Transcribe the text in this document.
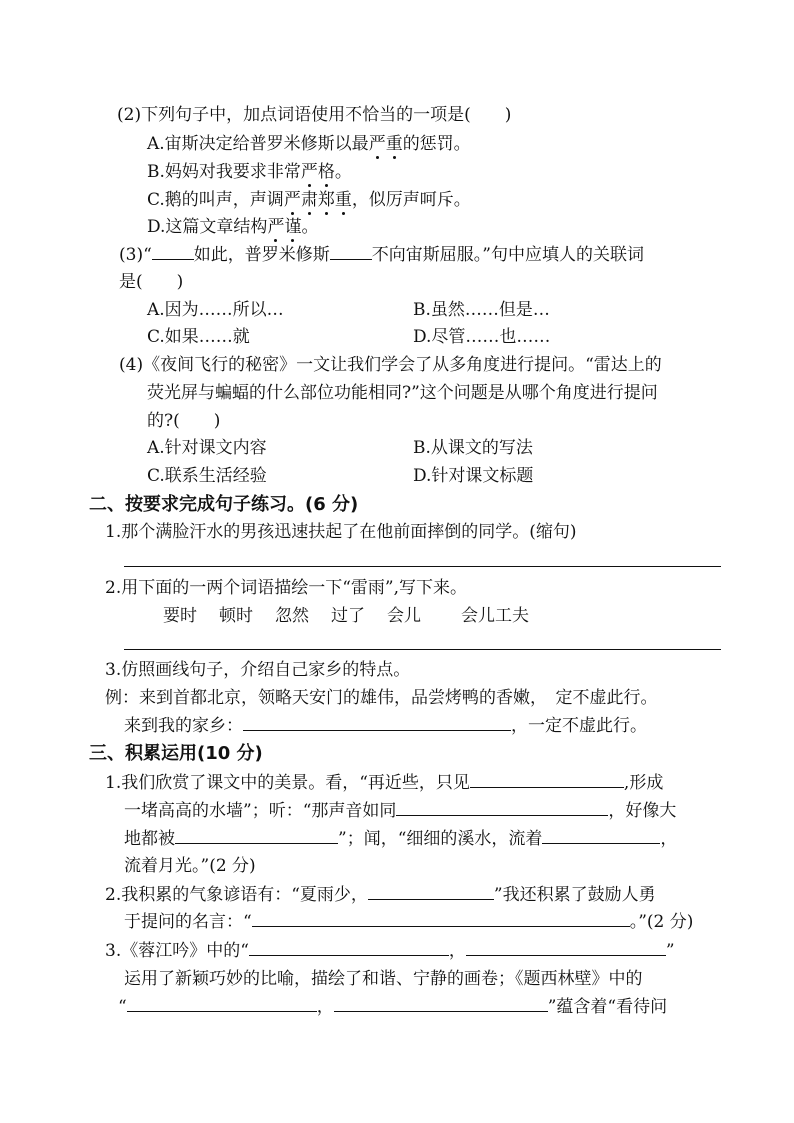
(2)下列句子中，加点词语使用不恰当的一项是(　　)
A.宙斯决定给普罗米修斯以最严重的惩罚。
B.妈妈对我要求非常严格。
C.鹅的叫声，声调严肃郑重，似厉声呵斥。
D.这篇文章结构严谨。
(3)“ 如此，普罗米修斯 不向宙斯屈服。”句中应填人的关联词
是(　　)
A.因为……所以…	B.虽然……但是…
C.如果……就	D.尽管……也……
(4)《夜间飞行的秘密》一文让我们学会了从多角度进行提问。“雷达上的
荧光屏与蝙蝠的什么部位功能相同?”这个问题是从哪个角度进行提问
的?(　　)
A.针对课文内容	B.从课文的写法
C.联系生活经验	D.针对课文标题
二、按要求完成句子练习。(6 分)
1.那个满脸汗水的男孩迅速扶起了在他前面摔倒的同学。(缩句)
2.用下面的一两个词语描绘一下“雷雨”,写下来。
要时 顿时 忽然 过了 会儿 会儿工夫
3.仿照画线句子，介绍自己家乡的特点。
例：来到首都北京，领略天安门的雄伟，品尝烤鸭的香嫩，　定不虚此行。
来到我的家乡：	，一定不虚此行。
三、积累运用(10 分)
1.我们欣赏了课文中的美景。看，“再近些，只见	,形成
一堵高高的水墙”；听：“那声音如同	，好像大
地都被	”；闻，“细细的溪水，流着	，
流着月光。”(2 分)
2.我积累的气象谚语有：“夏雨少，	”我还积累了鼓励人勇
于提问的名言：“	。”(2 分)
3.《蓉江吟》中的“	，	”
运用了新颖巧妙的比喻，描绘了和谐、宁静的画卷；《题西林壁》中的
“	，	”蕴含着“看待问
